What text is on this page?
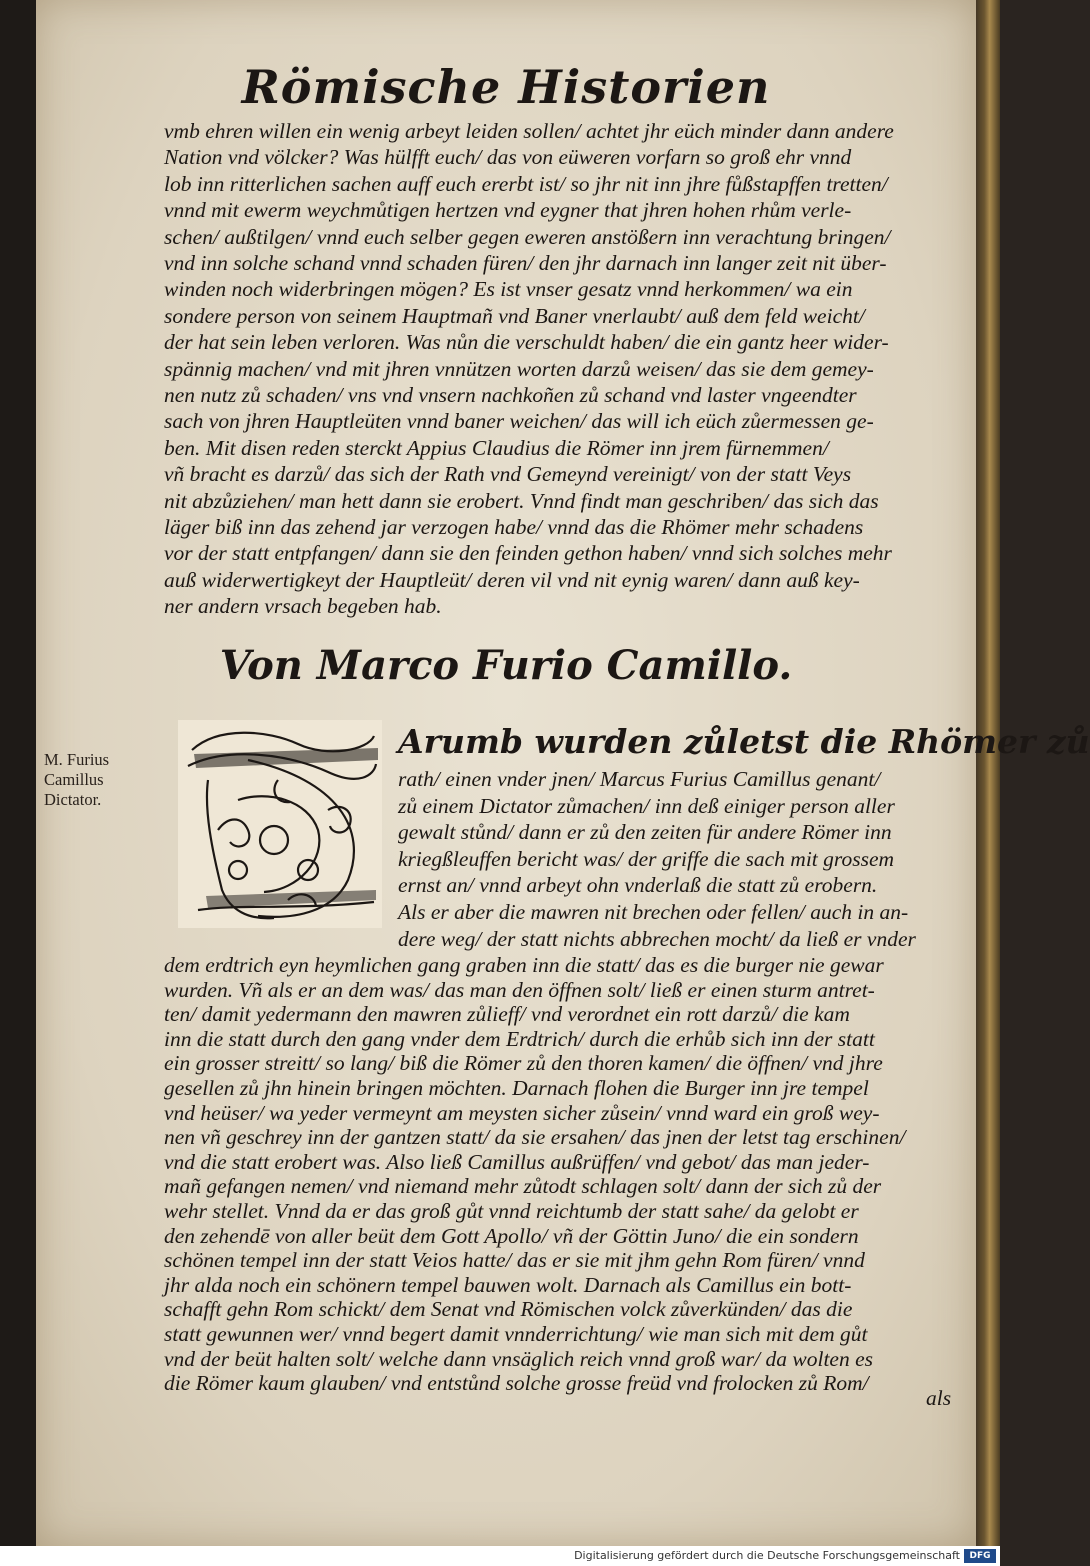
Römische Historien
vmb ehren willen ein wenig arbeyt leiden sollen/ achtet jhr eüch minder dann andere
Nation vnd völcker? Was hülfft euch/ das von eüweren vorfarn so groß ehr vnnd
lob inn ritterlichen sachen auff euch ererbt ist/ so jhr nit inn jhre fůßstapffen tretten/
vnnd mit ewerm weychmůtigen hertzen vnd eygner that jhren hohen rhům verle-
schen/ außtilgen/ vnnd euch selber gegen eweren anstößern inn verachtung bringen/
vnd inn solche schand vnnd schaden füren/ den jhr darnach inn langer zeit nit über-
winden noch widerbringen mögen? Es ist vnser gesatz vnnd herkommen/ wa ein
sondere person von seinem Hauptmañ vnd Baner vnerlaubt/ auß dem feld weicht/
der hat sein leben verloren. Was nůn die verschuldt haben/ die ein gantz heer wider-
spännig machen/ vnd mit jhren vnnützen worten darzů weisen/ das sie dem gemey-
nen nutz zů schaden/ vns vnd vnsern nachkoñen zů schand vnd laster vngeendter
sach von jhren Hauptleüten vnnd baner weichen/ das will ich eüch zůermessen ge-
ben. Mit disen reden sterckt Appius Claudius die Römer inn jrem fürnemmen/
vñ bracht es darzů/ das sich der Rath vnd Gemeynd vereinigt/ von der statt Veys
nit abzůziehen/ man hett dann sie erobert. Vnnd findt man geschriben/ das sich das
läger biß inn das zehend jar verzogen habe/ vnnd das die Rhömer mehr schadens
vor der statt entpfangen/ dann sie den feinden gethon haben/ vnnd sich solches mehr
auß widerwertigkeyt der Hauptleüt/ deren vil vnd nit eynig waren/ dann auß key-
ner andern vrsach begeben hab.
Von Marco Furio Camillo.
M. Furius
Camillus
Dictator.
Arumb wurden zůletst die Rhömer zů
rath/ einen vnder jnen/ Marcus Furius Camillus genant/
zů einem Dictator zůmachen/ inn deß einiger person aller
gewalt stůnd/ dann er zů den zeiten für andere Römer inn
kriegßleuffen bericht was/ der griffe die sach mit grossem
ernst an/ vnnd arbeyt ohn vnderlaß die statt zů erobern.
Als er aber die mawren nit brechen oder fellen/ auch in an-
dere weg/ der statt nichts abbrechen mocht/ da ließ er vnder
dem erdtrich eyn heymlichen gang graben inn die statt/ das es die burger nie gewar
wurden. Vñ als er an dem was/ das man den öffnen solt/ ließ er einen sturm antret-
ten/ damit yedermann den mawren zůlieff/ vnd verordnet ein rott darzů/ die kam
inn die statt durch den gang vnder dem Erdtrich/ durch die erhůb sich inn der statt
ein grosser streitt/ so lang/ biß die Römer zů den thoren kamen/ die öffnen/ vnd jhre
gesellen zů jhn hinein bringen möchten. Darnach flohen die Burger inn jre tempel
vnd heüser/ wa yeder vermeynt am meysten sicher zůsein/ vnnd ward ein groß wey-
nen vñ geschrey inn der gantzen statt/ da sie ersahen/ das jnen der letst tag erschinen/
vnd die statt erobert was. Also ließ Camillus außrüffen/ vnd gebot/ das man jeder-
mañ gefangen nemen/ vnd niemand mehr zůtodt schlagen solt/ dann der sich zů der
wehr stellet. Vnnd da er das groß gůt vnnd reichtumb der statt sahe/ da gelobt er
den zehendē von aller beüt dem Gott Apollo/ vñ der Göttin Juno/ die ein sondern
schönen tempel inn der statt Veios hatte/ das er sie mit jhm gehn Rom füren/ vnnd
jhr alda noch ein schönern tempel bauwen wolt. Darnach als Camillus ein bott-
schafft gehn Rom schickt/ dem Senat vnd Römischen volck zůverkünden/ das die
statt gewunnen wer/ vnnd begert damit vnnderrichtung/ wie man sich mit dem gůt
vnd der beüt halten solt/ welche dann vnsäglich reich vnnd groß war/ da wolten es
die Römer kaum glauben/ vnd entstůnd solche grosse freüd vnd frolocken zů Rom/
als
Digitalisierung gefördert durch die Deutsche Forschungsgemeinschaft	DFG
